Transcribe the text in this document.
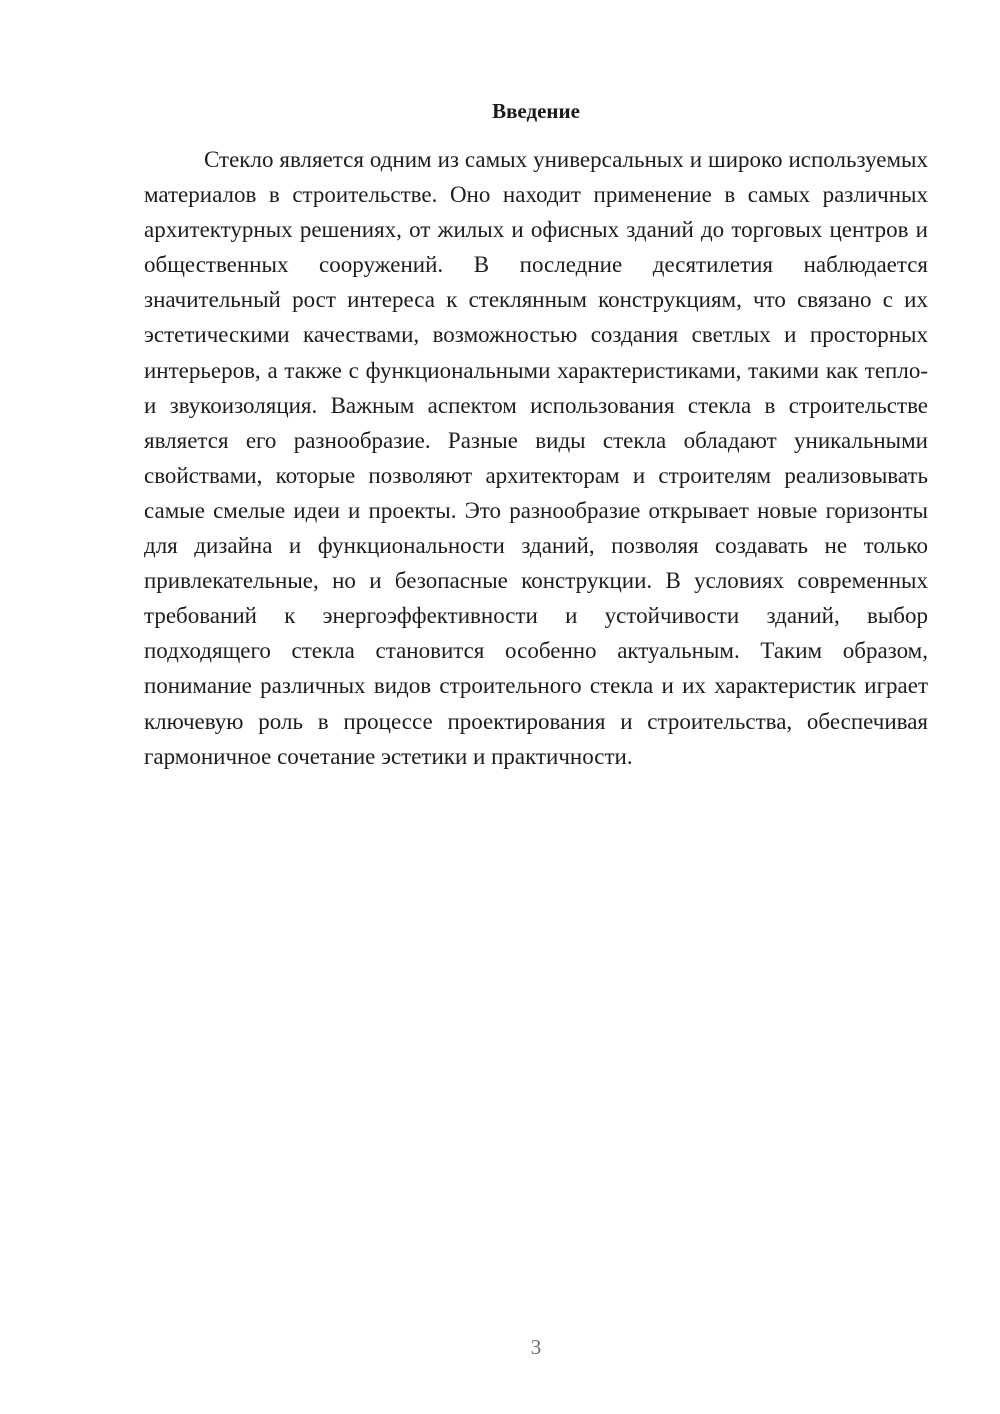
Введение

Стекло является одним из самых универсальных и широко используемых материалов в строительстве. Оно находит применение в самых различных архитектурных решениях, от жилых и офисных зданий до торговых центров и общественных сооружений. В последние десятилетия наблюдается значительный рост интереса к стеклянным конструкциям, что связано с их эстетическими качествами, возможностью создания светлых и просторных интерьеров, а также с функциональными характеристиками, такими как тепло- и звукоизоляция. Важным аспектом использования стекла в строительстве является его разнообразие. Разные виды стекла обладают уникальными свойствами, которые позволяют архитекторам и строителям реализовывать самые смелые идеи и проекты. Это разнообразие открывает новые горизонты для дизайна и функциональности зданий, позволяя создавать не только привлекательные, но и безопасные конструкции. В условиях современных требований к энергоэффективности и устойчивости зданий, выбор подходящего стекла становится особенно актуальным. Таким образом, понимание различных видов строительного стекла и их характеристик играет ключевую роль в процессе проектирования и строительства, обеспечивая гармоничное сочетание эстетики и практичности.

3
